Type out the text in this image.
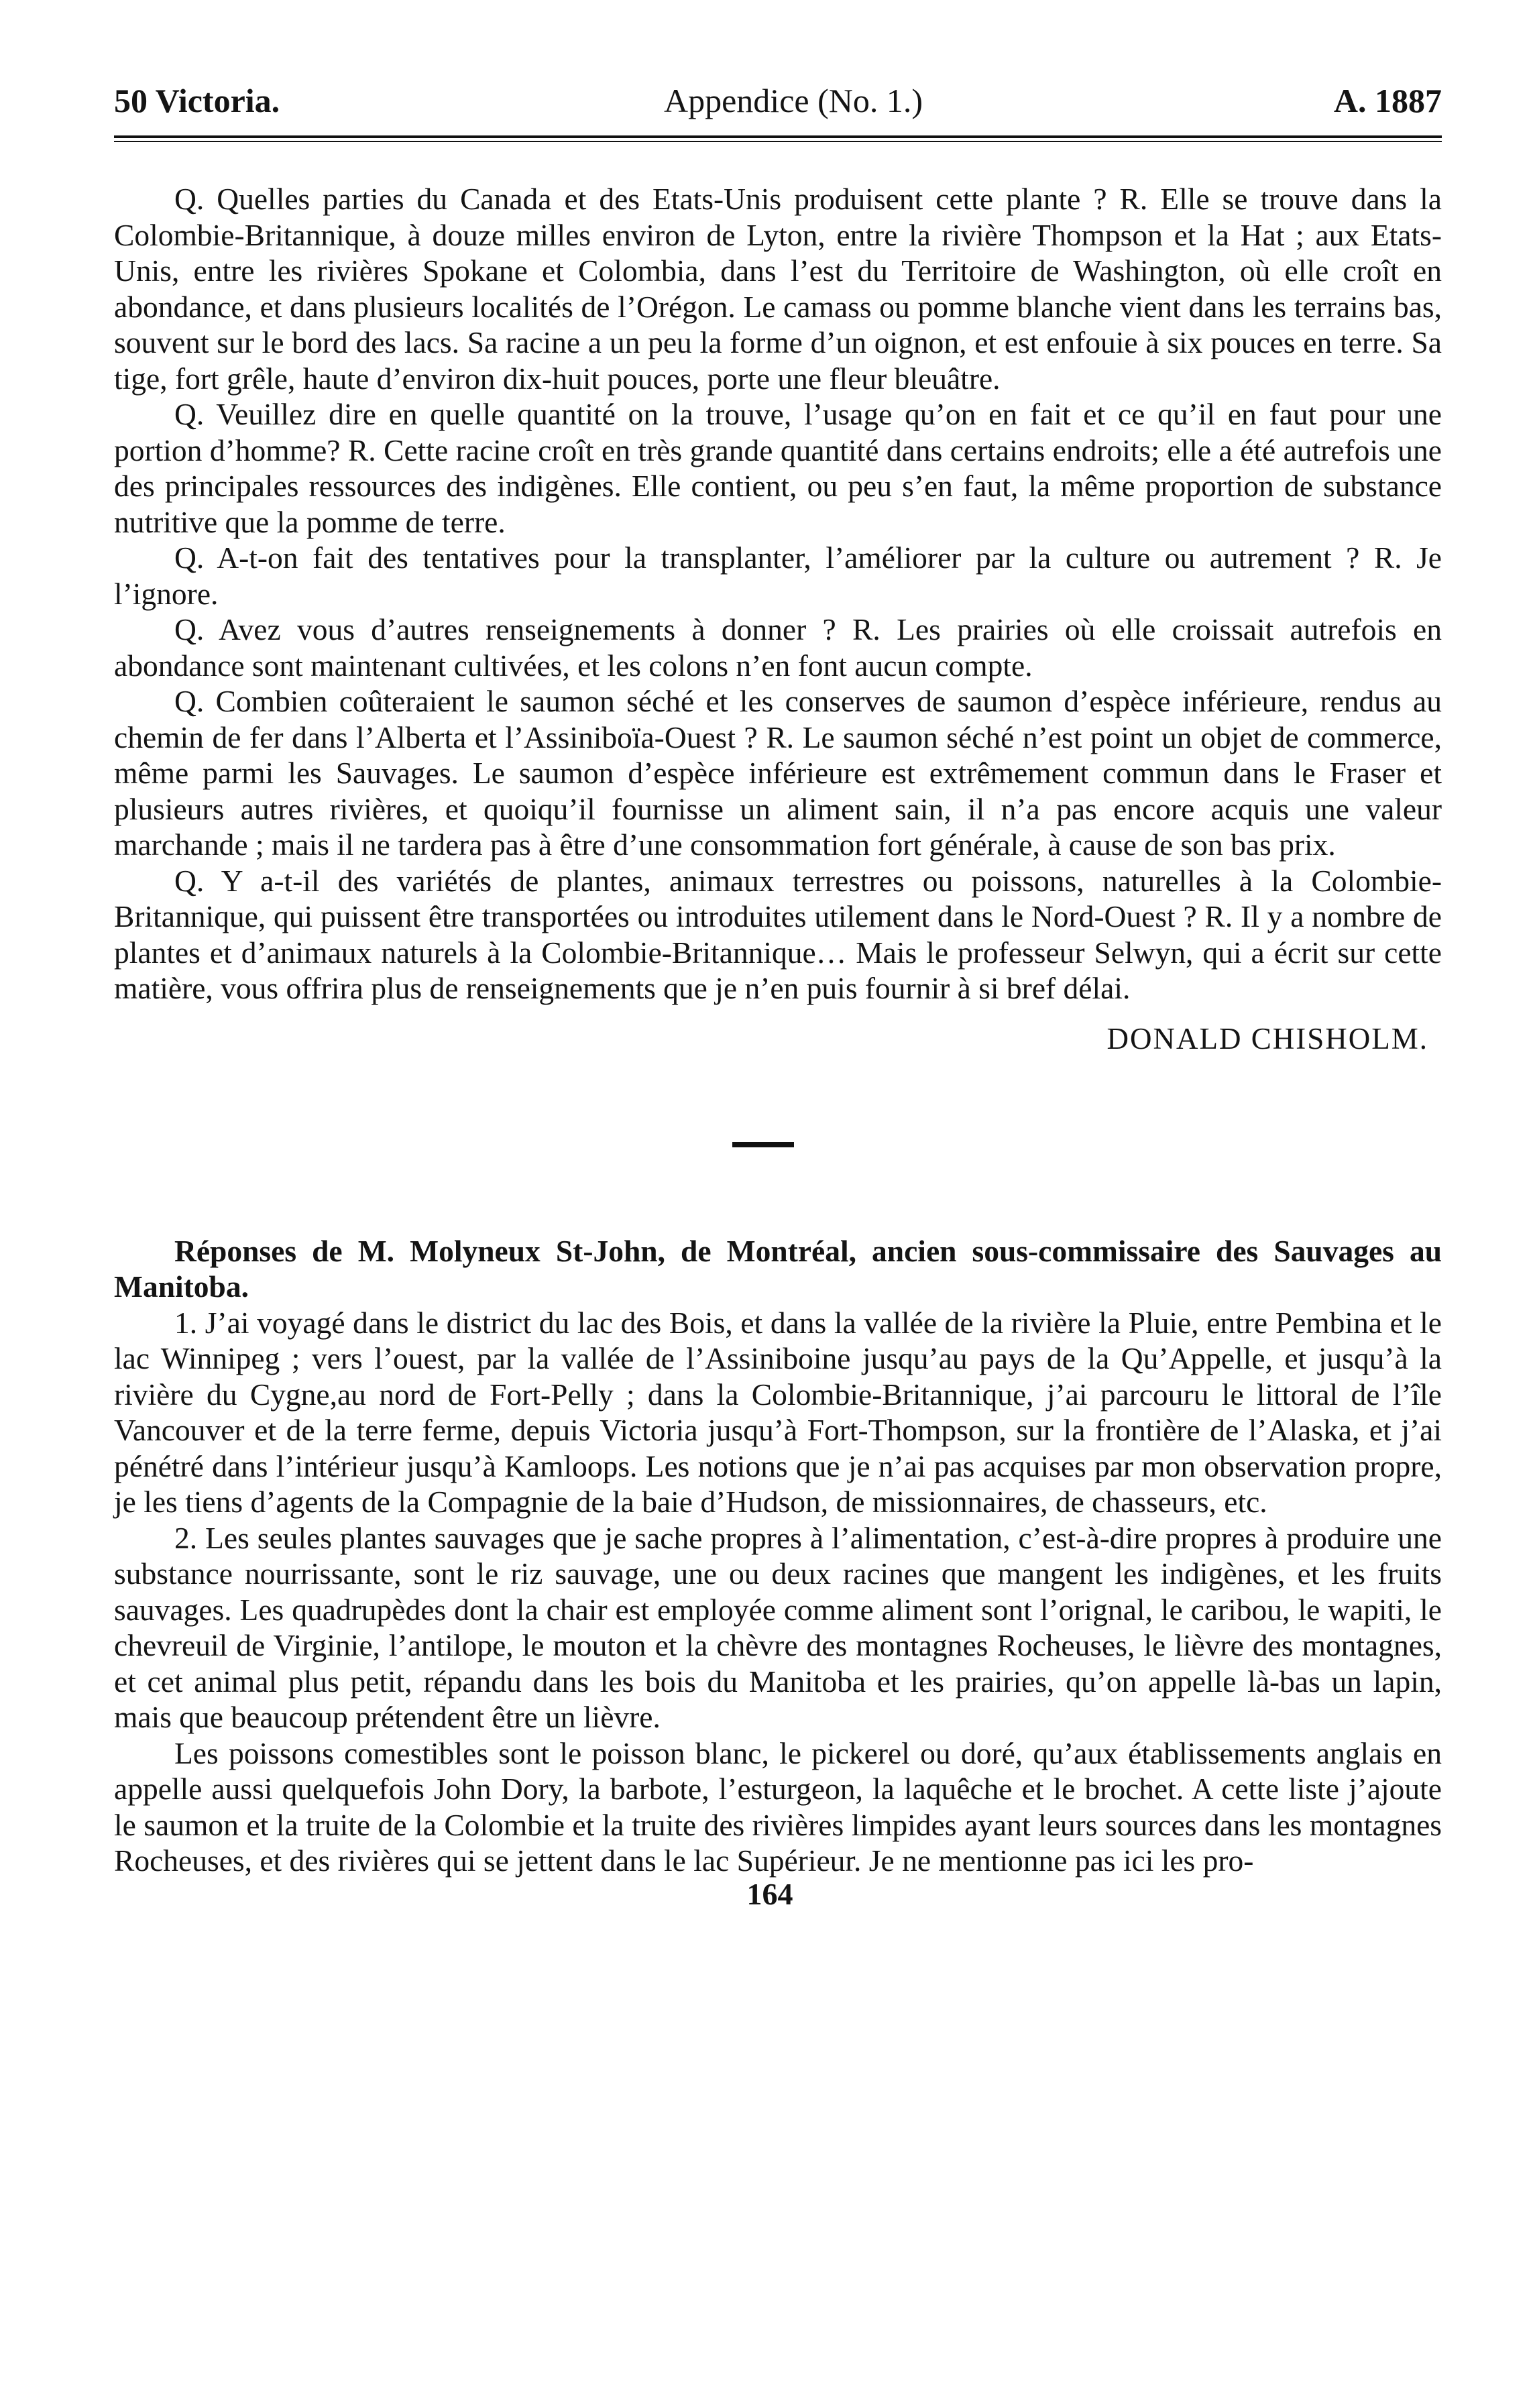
50 Victoria.	Appendice (No. 1.)	A. 1887

Q. Quelles parties du Canada et des Etats-Unis produisent cette plante ? R. Elle se trouve dans la Colombie-Britannique, à douze milles environ de Lyton, entre la rivière Thompson et la Hat ; aux Etats-Unis, entre les rivières Spokane et Colombia, dans l’est du Territoire de Washington, où elle croît en abondance, et dans plusieurs localités de l’Orégon. Le camass ou pomme blanche vient dans les terrains bas, souvent sur le bord des lacs. Sa racine a un peu la forme d’un oignon, et est enfouie à six pouces en terre. Sa tige, fort grêle, haute d’environ dix-huit pouces, porte une fleur bleuâtre.

Q. Veuillez dire en quelle quantité on la trouve, l’usage qu’on en fait et ce qu’il en faut pour une portion d’homme? R. Cette racine croît en très grande quantité dans certains endroits; elle a été autrefois une des principales ressources des indigènes. Elle contient, ou peu s’en faut, la même proportion de substance nutritive que la pomme de terre.

Q. A-t-on fait des tentatives pour la transplanter, l’améliorer par la culture ou autrement ? R. Je l’ignore.

Q. Avez vous d’autres renseignements à donner ? R. Les prairies où elle croissait autrefois en abondance sont maintenant cultivées, et les colons n’en font aucun compte.

Q. Combien coûteraient le saumon séché et les conserves de saumon d’espèce inférieure, rendus au chemin de fer dans l’Alberta et l’Assiniboïa-Ouest ? R. Le saumon séché n’est point un objet de commerce, même parmi les Sauvages. Le saumon d’espèce inférieure est extrêmement commun dans le Fraser et plusieurs autres rivières, et quoiqu’il fournisse un aliment sain, il n’a pas encore acquis une valeur marchande ; mais il ne tardera pas à être d’une consommation fort générale, à cause de son bas prix.

Q. Y a-t-il des variétés de plantes, animaux terrestres ou poissons, naturelles à la Colombie-Britannique, qui puissent être transportées ou introduites utilement dans le Nord-Ouest ? R. Il y a nombre de plantes et d’animaux naturels à la Colombie-Britannique… Mais le professeur Selwyn, qui a écrit sur cette matière, vous offrira plus de renseignements que je n’en puis fournir à si bref délai.

DONALD CHISHOLM.

Réponses de M. Molyneux St-John, de Montréal, ancien sous-commissaire des Sauvages au Manitoba.

1. J’ai voyagé dans le district du lac des Bois, et dans la vallée de la rivière la Pluie, entre Pembina et le lac Winnipeg ; vers l’ouest, par la vallée de l’Assiniboine jusqu’au pays de la Qu’Appelle, et jusqu’à la rivière du Cygne,au nord de Fort-Pelly ; dans la Colombie-Britannique, j’ai parcouru le littoral de l’île Vancouver et de la terre ferme, depuis Victoria jusqu’à Fort-Thompson, sur la frontière de l’Alaska, et j’ai pénétré dans l’intérieur jusqu’à Kamloops. Les notions que je n’ai pas acquises par mon observation propre, je les tiens d’agents de la Compagnie de la baie d’Hudson, de missionnaires, de chasseurs, etc.

2. Les seules plantes sauvages que je sache propres à l’alimentation, c’est-à-dire propres à produire une substance nourrissante, sont le riz sauvage, une ou deux racines que mangent les indigènes, et les fruits sauvages. Les quadrupèdes dont la chair est employée comme aliment sont l’orignal, le caribou, le wapiti, le chevreuil de Virginie, l’antilope, le mouton et la chèvre des montagnes Rocheuses, le lièvre des montagnes, et cet animal plus petit, répandu dans les bois du Manitoba et les prairies, qu’on appelle là-bas un lapin, mais que beaucoup prétendent être un lièvre.

Les poissons comestibles sont le poisson blanc, le pickerel ou doré, qu’aux établissements anglais en appelle aussi quelquefois John Dory, la barbote, l’esturgeon, la laquêche et le brochet. A cette liste j’ajoute le saumon et la truite de la Colombie et la truite des rivières limpides ayant leurs sources dans les montagnes Rocheuses, et des rivières qui se jettent dans le lac Supérieur. Je ne mentionne pas ici les pro-

164
